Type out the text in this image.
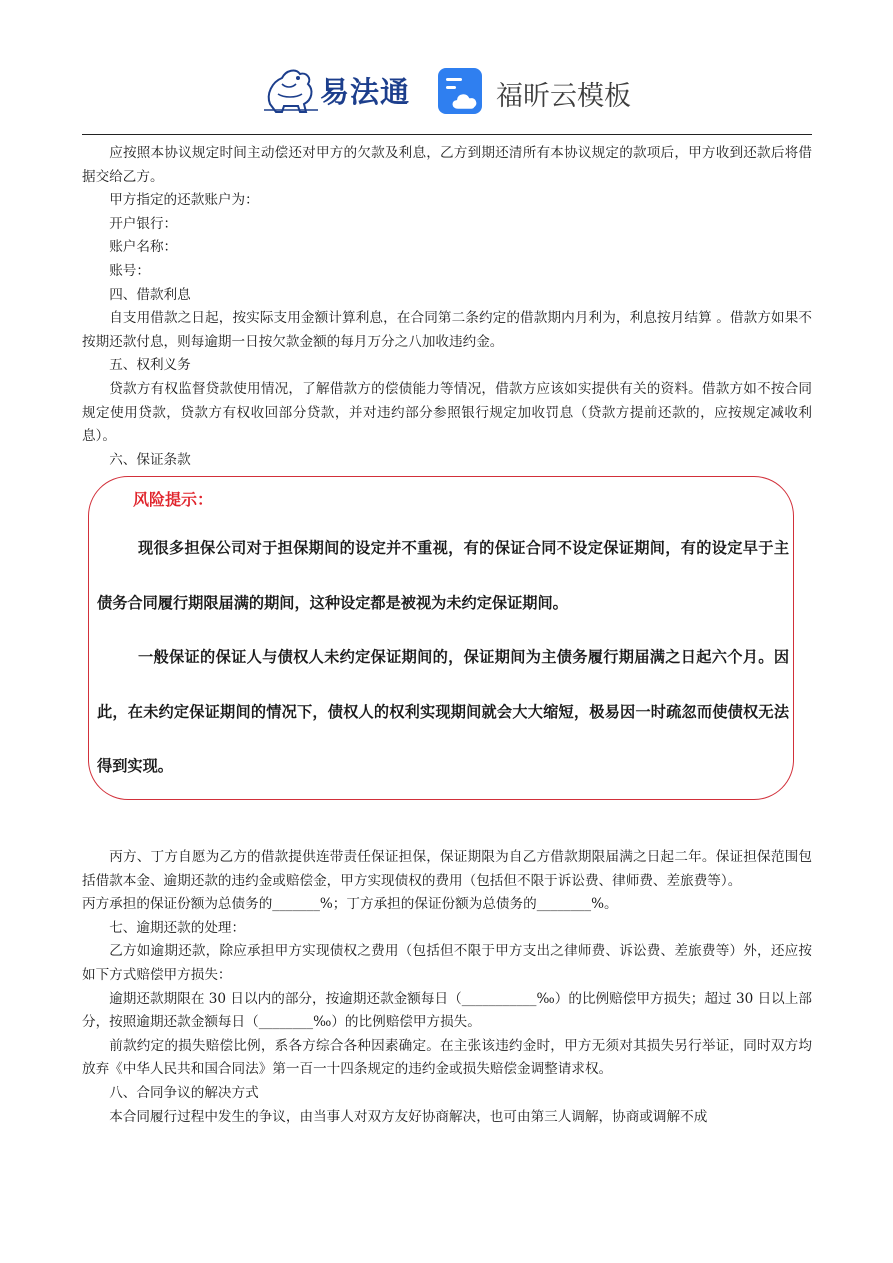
易法通	福昕云模板

应按照本协议规定时间主动偿还对甲方的欠款及利息，乙方到期还清所有本协议规定的款项后，甲方收到还款后将借据交给乙方。

甲方指定的还款账户为：

开户银行：

账户名称：

账号：

四、借款利息

自支用借款之日起，按实际支用金额计算利息，在合同第二条约定的借款期内月利为，利息按月结算 。借款方如果不按期还款付息，则每逾期一日按欠款金额的每月万分之八加收违约金。

五、权利义务

贷款方有权监督贷款使用情况，了解借款方的偿债能力等情况，借款方应该如实提供有关的资料。借款方如不按合同规定使用贷款，贷款方有权收回部分贷款，并对违约部分参照银行规定加收罚息（贷款方提前还款的，应按规定减收利息）。

六、保证条款

风险提示：

现很多担保公司对于担保期间的设定并不重视，有的保证合同不设定保证期间，有的设定早于主债务合同履行期限届满的期间，这种设定都是被视为未约定保证期间。

一般保证的保证人与债权人未约定保证期间的，保证期间为主债务履行期届满之日起六个月。因此，在未约定保证期间的情况下，债权人的权利实现期间就会大大缩短，极易因一时疏忽而使债权无法得到实现。

丙方、丁方自愿为乙方的借款提供连带责任保证担保，保证期限为自乙方借款期限届满之日起二年。保证担保范围包括借款本金、逾期还款的违约金或赔偿金，甲方实现债权的费用（包括但不限于诉讼费、律师费、差旅费等）。

丙方承担的保证份额为总债务的_______%；丁方承担的保证份额为总债务的________%。

七、逾期还款的处理：

乙方如逾期还款，除应承担甲方实现债权之费用（包括但不限于甲方支出之律师费、诉讼费、差旅费等）外，还应按如下方式赔偿甲方损失：

逾期还款期限在 30 日以内的部分，按逾期还款金额每日（___________‰）的比例赔偿甲方损失；超过 30 日以上部分，按照逾期还款金额每日（________‰）的比例赔偿甲方损失。

前款约定的损失赔偿比例，系各方综合各种因素确定。在主张该违约金时，甲方无须对其损失另行举证，同时双方均放弃《中华人民共和国合同法》第一百一十四条规定的违约金或损失赔偿金调整请求权。

八、合同争议的解决方式

本合同履行过程中发生的争议，由当事人对双方友好协商解决，也可由第三人调解，协商或调解不成
